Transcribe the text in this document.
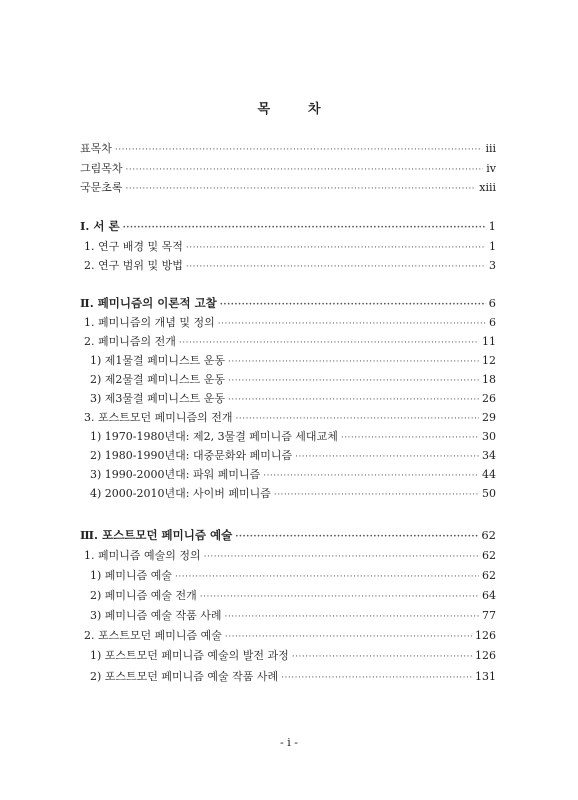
목	차
표목차 ·····	iii
그림목차 ·····	iv
국문초록 ·····	xiii
Ⅰ. 서 론 ·····	1
1. 연구 배경 및 목적 ·····	1
2. 연구 범위 및 방법 ·····	3
Ⅱ. 페미니즘의 이론적 고찰 ·····	6
1. 페미니즘의 개념 및 정의 ·····	6
2. 페미니즘의 전개 ·····	11
1) 제1물결 페미니스트 운동 ·····	12
2) 제2물결 페미니스트 운동 ·····	18
3) 제3물결 페미니스트 운동 ·····	26
3. 포스트모던 페미니즘의 전개 ·····	29
1) 1970-1980년대: 제2, 3물결 페미니즘 세대교체 ·····	30
2) 1980-1990년대: 대중문화와 페미니즘 ·····	34
3) 1990-2000년대: 파워 페미니즘 ·····	44
4) 2000-2010년대: 사이버 페미니즘 ·····	50
Ⅲ. 포스트모던 페미니즘 예술 ·····	62
1. 페미니즘 예술의 정의 ·····	62
1) 페미니즘 예술 ·····	62
2) 페미니즘 예술 전개 ·····	64
3) 페미니즘 예술 작품 사례 ·····	77
2. 포스트모던 페미니즘 예술 ·····	126
1) 포스트모던 페미니즘 예술의 발전 과정 ·····	126
2) 포스트모던 페미니즘 예술 작품 사례 ·····	131
- i -
